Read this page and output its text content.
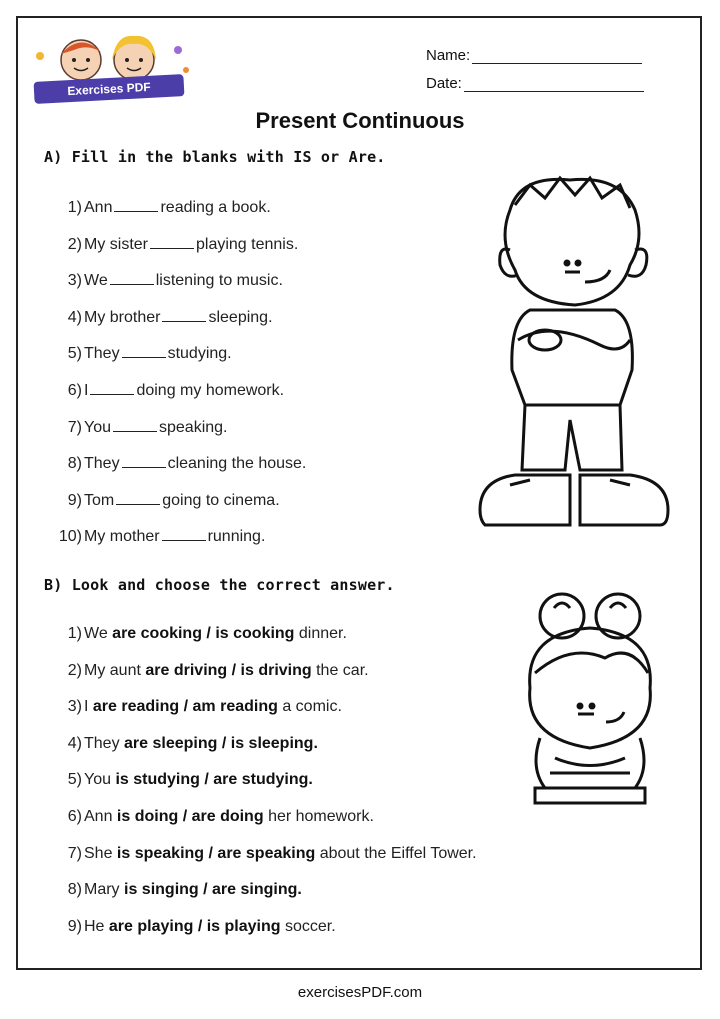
Exercises PDF
Name:
Date:
Present Continuous
A) Fill in the blanks with IS or Are.
1) Ann	reading a book.
2) My sister	playing tennis.
3) We	listening to music.
4) My brother	sleeping.
5) They	studying.
6) I	doing my homework.
7) You	speaking.
8) They	cleaning the house.
9) Tom	going to cinema.
10) My mother	running.
B) Look and choose the correct answer.
1) We are cooking / is cooking dinner.
2) My aunt are driving / is driving the car.
3) I are reading / am reading a comic.
4) They are sleeping / is sleeping.
5) You is studying / are studying.
6) Ann is doing / are doing her homework.
7) She is speaking / are speaking about the Eiffel Tower.
8) Mary is singing / are singing.
9) He are playing / is playing soccer.
exercisesPDF.com
